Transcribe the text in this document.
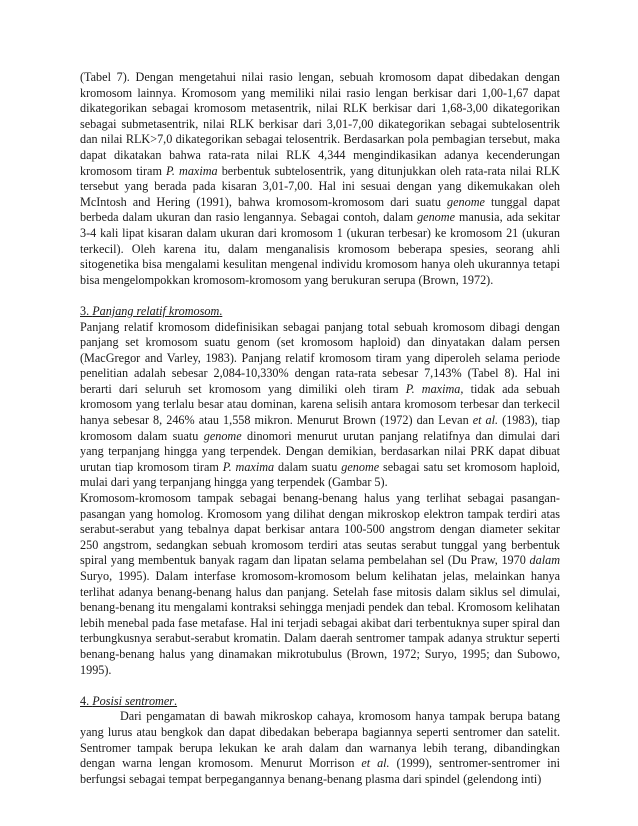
(Tabel 7). Dengan mengetahui nilai rasio lengan, sebuah kromosom dapat dibedakan dengan kromosom lainnya. Kromosom yang memiliki nilai rasio lengan berkisar dari 1,00-1,67 dapat dikategorikan sebagai kromosom metasentrik, nilai RLK berkisar dari 1,68-3,00 dikategorikan sebagai submetasentrik, nilai RLK berkisar dari 3,01-7,00 dikategorikan sebagai subtelosentrik dan nilai RLK>7,0 dikategorikan sebagai telosentrik. Berdasarkan pola pembagian tersebut, maka dapat dikatakan bahwa rata-rata nilai RLK 4,344 mengindikasikan adanya kecenderungan kromosom tiram P. maxima berbentuk subtelosentrik, yang ditunjukkan oleh rata-rata nilai RLK tersebut yang berada pada kisaran 3,01-7,00. Hal ini sesuai dengan yang dikemukakan oleh McIntosh and Hering (1991), bahwa kromosom-kromosom dari suatu genome tunggal dapat berbeda dalam ukuran dan rasio lengannya. Sebagai contoh, dalam genome manusia, ada sekitar 3-4 kali lipat kisaran dalam ukuran dari kromosom 1 (ukuran terbesar) ke kromosom 21 (ukuran terkecil). Oleh karena itu, dalam menganalisis kromosom beberapa spesies, seorang ahli sitogenetika bisa mengalami kesulitan mengenal individu kromosom hanya oleh ukurannya tetapi bisa mengelompokkan kromosom-kromosom yang berukuran serupa (Brown, 1972).

3. Panjang relatif kromosom.

Panjang relatif kromosom didefinisikan sebagai panjang total sebuah kromosom dibagi dengan panjang set kromosom suatu genom (set kromosom haploid) dan dinyatakan dalam persen (MacGregor and Varley, 1983). Panjang relatif kromosom tiram yang diperoleh selama periode penelitian adalah sebesar 2,084-10,330% dengan rata-rata sebesar 7,143% (Tabel 8). Hal ini berarti dari seluruh set kromosom yang dimiliki oleh tiram P. maxima, tidak ada sebuah kromosom yang terlalu besar atau dominan, karena selisih antara kromosom terbesar dan terkecil hanya sebesar 8, 246% atau 1,558 mikron. Menurut Brown (1972) dan Levan et al. (1983), tiap kromosom dalam suatu genome dinomori menurut urutan panjang relatifnya dan dimulai dari yang terpanjang hingga yang terpendek. Dengan demikian, berdasarkan nilai PRK dapat dibuat urutan tiap kromosom tiram P. maxima dalam suatu genome sebagai satu set kromosom haploid, mulai dari yang terpanjang hingga yang terpendek (Gambar 5).

Kromosom-kromosom tampak sebagai benang-benang halus yang terlihat sebagai pasangan-pasangan yang homolog. Kromosom yang dilihat dengan mikroskop elektron tampak terdiri atas serabut-serabut yang tebalnya dapat berkisar antara 100-500 angstrom dengan diameter sekitar 250 angstrom, sedangkan sebuah kromosom terdiri atas seutas serabut tunggal yang berbentuk spiral yang membentuk banyak ragam dan lipatan selama pembelahan sel (Du Praw, 1970 dalam Suryo, 1995). Dalam interfase kromosom-kromosom belum kelihatan jelas, melainkan hanya terlihat adanya benang-benang halus dan panjang. Setelah fase mitosis dalam siklus sel dimulai, benang-benang itu mengalami kontraksi sehingga menjadi pendek dan tebal. Kromosom kelihatan lebih menebal pada fase metafase. Hal ini terjadi sebagai akibat dari terbentuknya super spiral dan terbungkusnya serabut-serabut kromatin. Dalam daerah sentromer tampak adanya struktur seperti benang-benang halus yang dinamakan mikrotubulus (Brown, 1972; Suryo, 1995; dan Subowo, 1995).

4. Posisi sentromer.

Dari pengamatan di bawah mikroskop cahaya, kromosom hanya tampak berupa batang yang lurus atau bengkok dan dapat dibedakan beberapa bagiannya seperti sentromer dan satelit. Sentromer tampak berupa lekukan ke arah dalam dan warnanya lebih terang, dibandingkan dengan warna lengan kromosom. Menurut Morrison et al. (1999), sentromer-sentromer ini berfungsi sebagai tempat berpegangannya benang-benang plasma dari spindel (gelendong inti)
